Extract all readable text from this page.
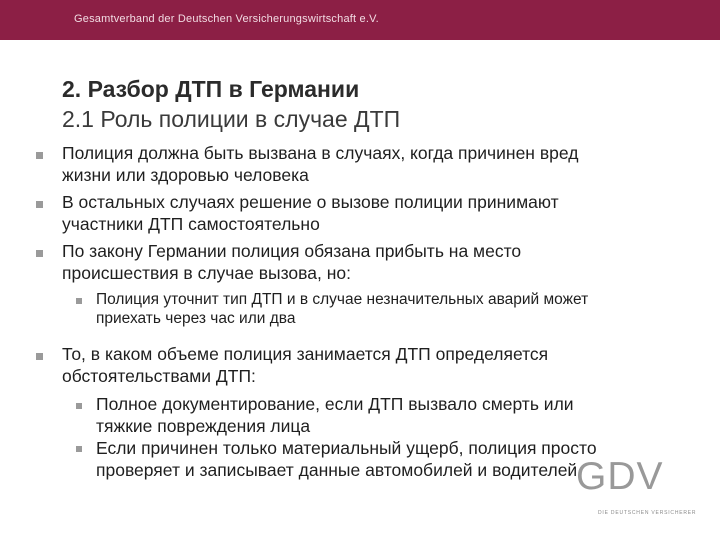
Gesamtverband der Deutschen Versicherungswirtschaft e.V.
2. Разбор ДТП в Германии
2.1 Роль полиции в случае ДТП
Полиция должна быть вызвана в случаях, когда причинен вред
жизни или здоровью человека
В остальных случаях решение о вызове полиции принимают
участники ДТП самостоятельно
По закону Германии полиция обязана прибыть на место
происшествия в случае вызова, но:
Полиция уточнит тип ДТП и в случае незначительных аварий может
приехать через час или два
То, в каком объеме полиция занимается ДТП определяется
обстоятельствами ДТП:
Полное документирование, если ДТП вызвало смерть или
тяжкие повреждения лица
Если причинен только материальный ущерб, полиция просто
проверяет и записывает данные автомобилей и водителей
GDV
DIE DEUTSCHEN VERSICHERER
